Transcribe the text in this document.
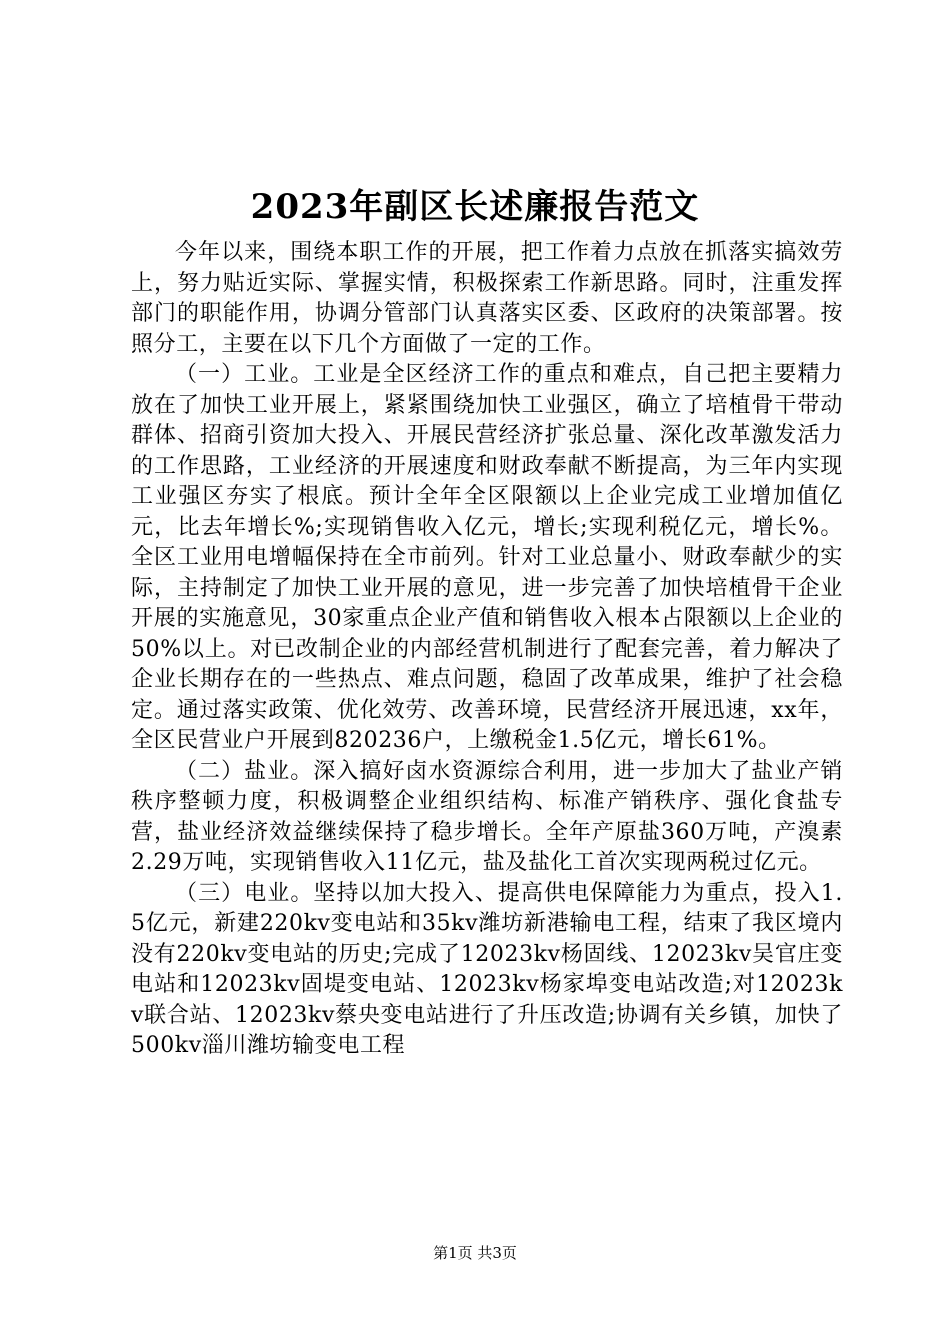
2023年副区长述廉报告范文

今年以来，围绕本职工作的开展，把工作着力点放在抓落实搞效劳上，努力贴近实际、掌握实情，积极探索工作新思路。同时，注重发挥部门的职能作用，协调分管部门认真落实区委、区政府的决策部署。按照分工，主要在以下几个方面做了一定的工作。

（一）工业。工业是全区经济工作的重点和难点，自己把主要精力放在了加快工业开展上，紧紧围绕加快工业强区，确立了培植骨干带动群体、招商引资加大投入、开展民营经济扩张总量、深化改革激发活力的工作思路，工业经济的开展速度和财政奉献不断提高，为三年内实现工业强区夯实了根底。预计全年全区限额以上企业完成工业增加值亿元，比去年增长%;实现销售收入亿元，增长;实现利税亿元，增长%。全区工业用电增幅保持在全市前列。针对工业总量小、财政奉献少的实际，主持制定了加快工业开展的意见，进一步完善了加快培植骨干企业开展的实施意见，30家重点企业产值和销售收入根本占限额以上企业的50%以上。对已改制企业的内部经营机制进行了配套完善，着力解决了企业长期存在的一些热点、难点问题，稳固了改革成果，维护了社会稳定。通过落实政策、优化效劳、改善环境，民营经济开展迅速，xx年，全区民营业户开展到820236户，上缴税金1.5亿元，增长61%。

（二）盐业。深入搞好卤水资源综合利用，进一步加大了盐业产销秩序整顿力度，积极调整企业组织结构、标准产销秩序、强化食盐专营，盐业经济效益继续保持了稳步增长。全年产原盐360万吨，产溴素2.29万吨，实现销售收入11亿元，盐及盐化工首次实现两税过亿元。

（三）电业。坚持以加大投入、提高供电保障能力为重点，投入1.5亿元，新建220kv变电站和35kv潍坊新港输电工程，结束了我区境内没有220kv变电站的历史;完成了12023kv杨固线、12023kv吴官庄变电站和12023kv固堤变电站、12023kv杨家埠变电站改造;对12023kv联合站、12023kv蔡央变电站进行了升压改造;协调有关乡镇，加快了500kv淄川潍坊输变电工程

第1页 共3页
